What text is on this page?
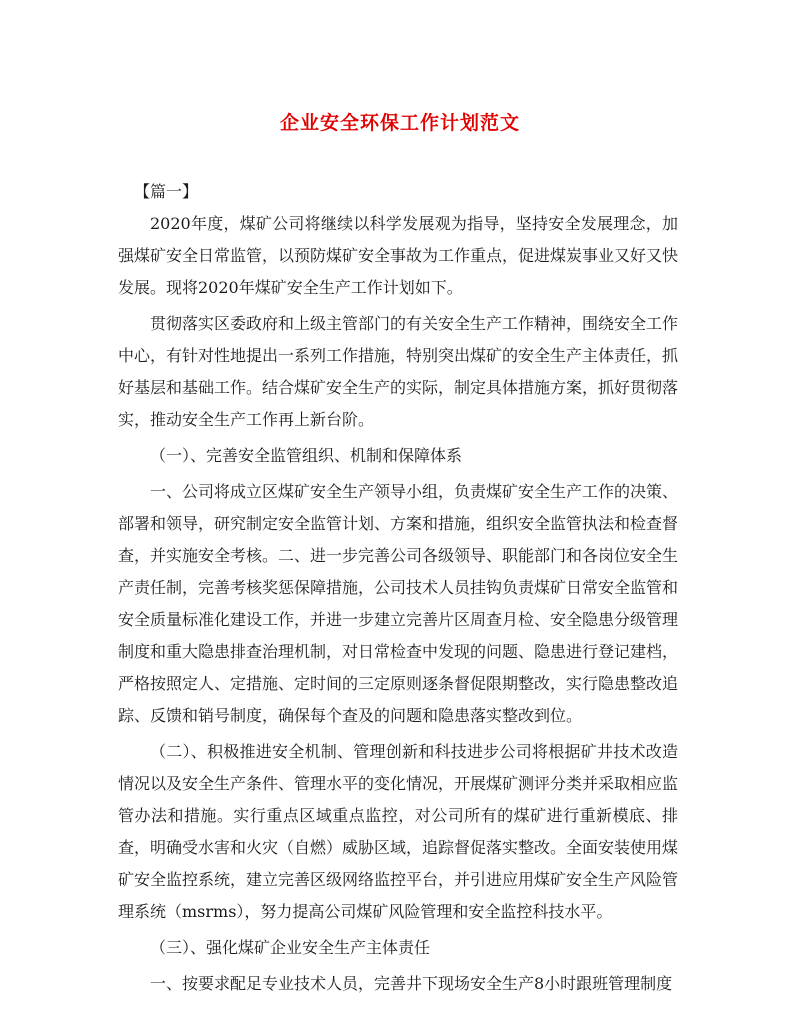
企业安全环保工作计划范文

【篇一】

2020年度，煤矿公司将继续以科学发展观为指导，坚持安全发展理念，加强煤矿安全日常监管，以预防煤矿安全事故为工作重点，促进煤炭事业又好又快发展。现将2020年煤矿安全生产工作计划如下。

贯彻落实区委政府和上级主管部门的有关安全生产工作精神，围绕安全工作中心，有针对性地提出一系列工作措施，特别突出煤矿的安全生产主体责任，抓好基层和基础工作。结合煤矿安全生产的实际，制定具体措施方案，抓好贯彻落实，推动安全生产工作再上新台阶。

（一）、完善安全监管组织、机制和保障体系

一、公司将成立区煤矿安全生产领导小组，负责煤矿安全生产工作的决策、部署和领导，研究制定安全监管计划、方案和措施，组织安全监管执法和检查督查，并实施安全考核。二、进一步完善公司各级领导、职能部门和各岗位安全生产责任制，完善考核奖惩保障措施，公司技术人员挂钩负责煤矿日常安全监管和安全质量标准化建设工作，并进一步建立完善片区周查月检、安全隐患分级管理制度和重大隐患排查治理机制，对日常检查中发现的问题、隐患进行登记建档，严格按照定人、定措施、定时间的三定原则逐条督促限期整改，实行隐患整改追踪、反馈和销号制度，确保每个查及的问题和隐患落实整改到位。

（二）、积极推进安全机制、管理创新和科技进步公司将根据矿井技术改造情况以及安全生产条件、管理水平的变化情况，开展煤矿测评分类并采取相应监管办法和措施。实行重点区域重点监控，对公司所有的煤矿进行重新模底、排查，明确受水害和火灾（自燃）威胁区域，追踪督促落实整改。全面安装使用煤矿安全监控系统，建立完善区级网络监控平台，并引进应用煤矿安全生产风险管理系统（msrms），努力提高公司煤矿风险管理和安全监控科技水平。

（三）、强化煤矿企业安全生产主体责任

一、按要求配足专业技术人员，完善井下现场安全生产8小时跟班管理制度
